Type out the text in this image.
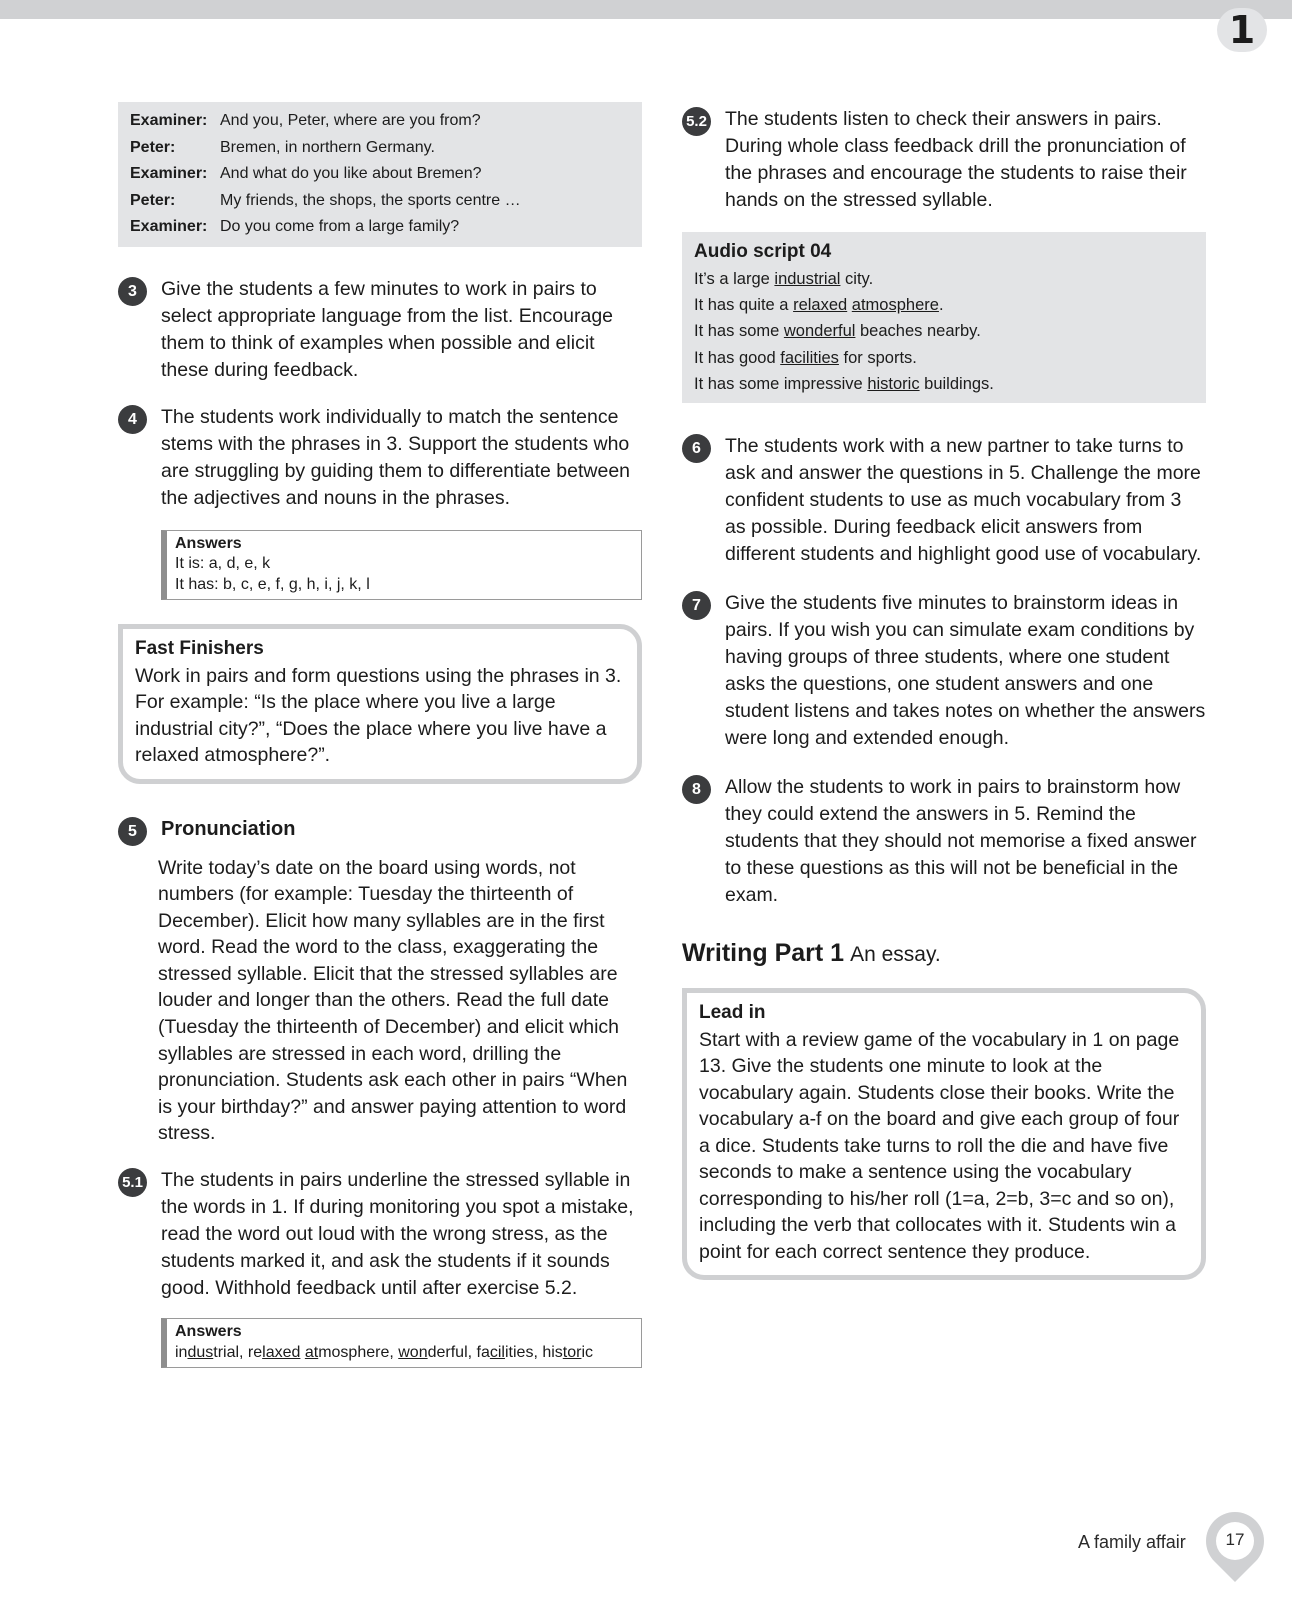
1
Examiner:	And you, Peter, where are you from?
Peter:	Bremen, in northern Germany.
Examiner:	And what do you like about Bremen?
Peter:	My friends, the shops, the sports centre …
Examiner:	Do you come from a large family?
3	Give the students a few minutes to work in pairs to select appropriate language from the list. Encourage them to think of examples when possible and elicit these during feedback.
4	The students work individually to match the sentence stems with the phrases in 3. Support the students who are struggling by guiding them to differentiate between the adjectives and nouns in the phrases.
Answers
It is: a, d, e, k
It has: b, c, e, f, g, h, i, j, k, l
Fast Finishers
Work in pairs and form questions using the phrases in 3. For example: “Is the place where you live a large industrial city?”, “Does the place where you live have a relaxed atmosphere?”.
5	Pronunciation
Write today’s date on the board using words, not numbers (for example: Tuesday the thirteenth of December). Elicit how many syllables are in the first word. Read the word to the class, exaggerating the stressed syllable. Elicit that the stressed syllables are louder and longer than the others. Read the full date (Tuesday the thirteenth of December) and elicit which syllables are stressed in each word, drilling the pronunciation. Students ask each other in pairs “When is your birthday?” and answer paying attention to word stress.
5.1 The students in pairs underline the stressed syllable in the words in 1. If during monitoring you spot a mistake, read the word out loud with the wrong stress, as the students marked it, and ask the students if it sounds good. Withhold feedback until after exercise 5.2.
Answers
industrial, relaxed atmosphere, wonderful, facilities, historic
5.2 The students listen to check their answers in pairs. During whole class feedback drill the pronunciation of the phrases and encourage the students to raise their hands on the stressed syllable.
Audio script 04
It’s a large industrial city.
It has quite a relaxed atmosphere.
It has some wonderful beaches nearby.
It has good facilities for sports.
It has some impressive historic buildings.
6	The students work with a new partner to take turns to ask and answer the questions in 5. Challenge the more confident students to use as much vocabulary from 3 as possible. During feedback elicit answers from different students and highlight good use of vocabulary.
7	Give the students five minutes to brainstorm ideas in pairs. If you wish you can simulate exam conditions by having groups of three students, where one student asks the questions, one student answers and one student listens and takes notes on whether the answers were long and extended enough.
8	Allow the students to work in pairs to brainstorm how they could extend the answers in 5. Remind the students that they should not memorise a fixed answer to these questions as this will not be beneficial in the exam.
Writing Part 1 An essay.
Lead in
Start with a review game of the vocabulary in 1 on page 13. Give the students one minute to look at the vocabulary again. Students close their books. Write the vocabulary a-f on the board and give each group of four a dice. Students take turns to roll the die and have five seconds to make a sentence using the vocabulary corresponding to his/her roll (1=a, 2=b, 3=c and so on), including the verb that collocates with it. Students win a point for each correct sentence they produce.
A family affair	17
